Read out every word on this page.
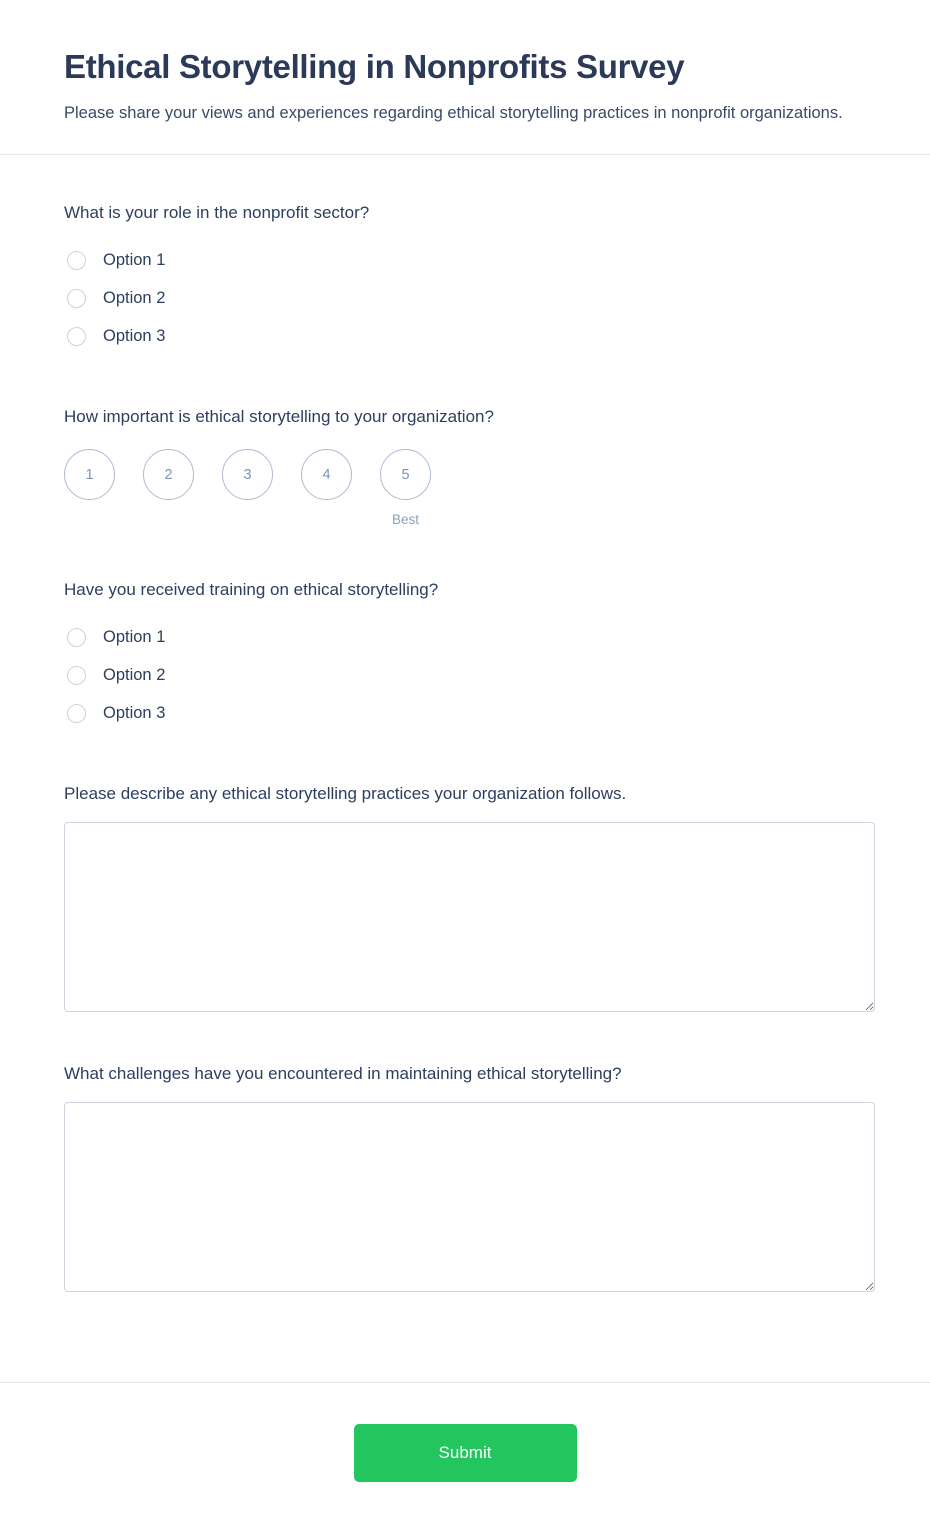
Ethical Storytelling in Nonprofits Survey

Please share your views and experiences regarding ethical storytelling practices in nonprofit organizations.

What is your role in the nonprofit sector?
Option 1
Option 2
Option 3
How important is ethical storytelling to your organization?
1	2	3	4	5
Best
Have you received training on ethical storytelling?
Option 1
Option 2
Option 3
Please describe any ethical storytelling practices your organization follows.
What challenges have you encountered in maintaining ethical storytelling?
Submit
